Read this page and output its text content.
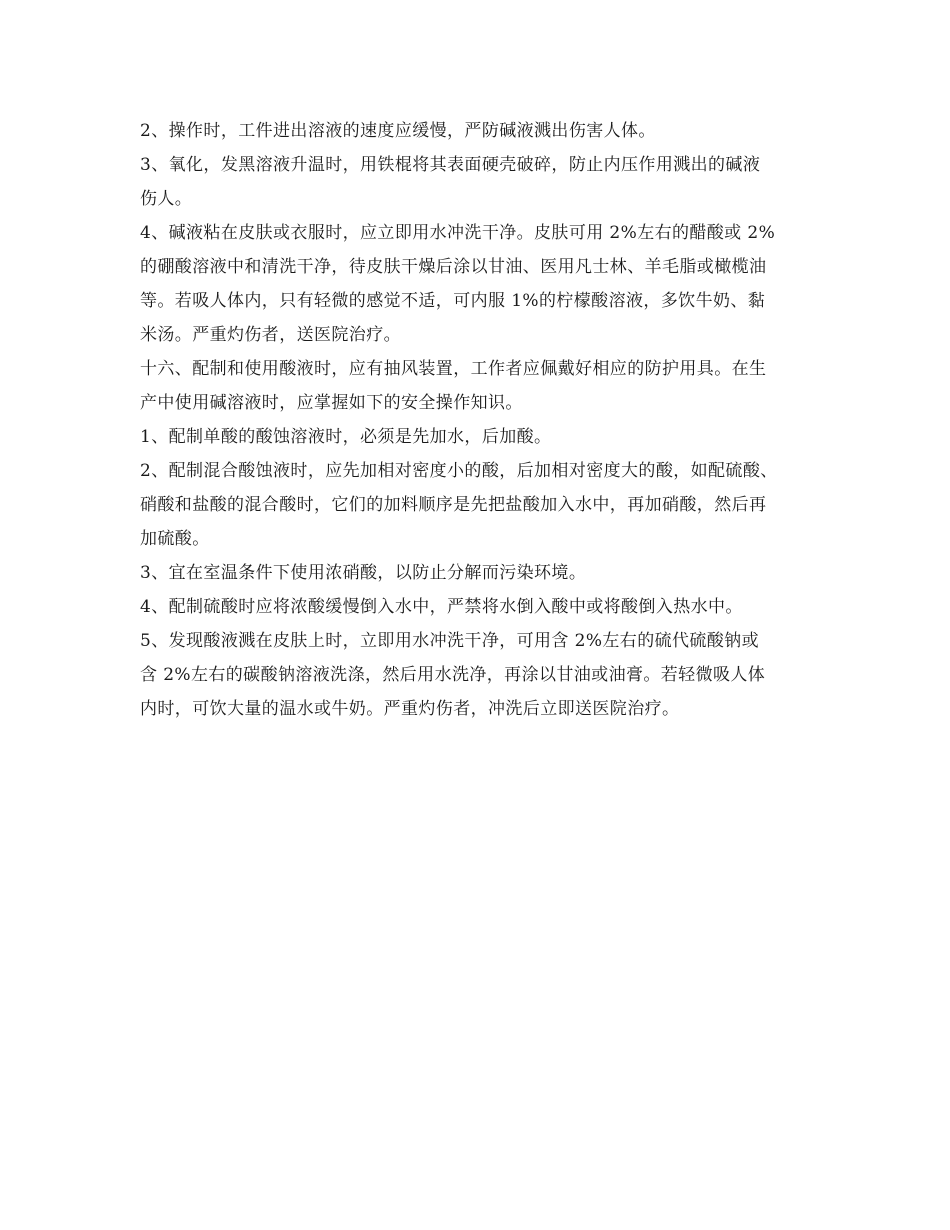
2、操作时，工件进出溶液的速度应缓慢，严防碱液溅出伤害人体。

3、氧化，发黑溶液升温时，用铁棍将其表面硬壳破碎，防止内压作用溅出的碱液
伤人。

4、碱液粘在皮肤或衣服时，应立即用水冲洗干净。皮肤可用 2%左右的醋酸或 2%
的硼酸溶液中和清洗干净，待皮肤干燥后涂以甘油、医用凡士林、羊毛脂或橄榄油
等。若吸人体内，只有轻微的感觉不适，可内服 1%的柠檬酸溶液，多饮牛奶、黏
米汤。严重灼伤者，送医院治疗。

十六、配制和使用酸液时，应有抽风装置，工作者应佩戴好相应的防护用具。在生
产中使用碱溶液时，应掌握如下的安全操作知识。

1、配制单酸的酸蚀溶液时，必须是先加水，后加酸。

2、配制混合酸蚀液时，应先加相对密度小的酸，后加相对密度大的酸，如配硫酸、
硝酸和盐酸的混合酸时，它们的加料顺序是先把盐酸加入水中，再加硝酸，然后再
加硫酸。

3、宜在室温条件下使用浓硝酸，以防止分解而污染环境。

4、配制硫酸时应将浓酸缓慢倒入水中，严禁将水倒入酸中或将酸倒入热水中。

5、发现酸液溅在皮肤上时，立即用水冲洗干净，可用含 2%左右的硫代硫酸钠或
含 2%左右的碳酸钠溶液洗涤，然后用水洗净，再涂以甘油或油膏。若轻微吸人体
内时，可饮大量的温水或牛奶。严重灼伤者，冲洗后立即送医院治疗。
